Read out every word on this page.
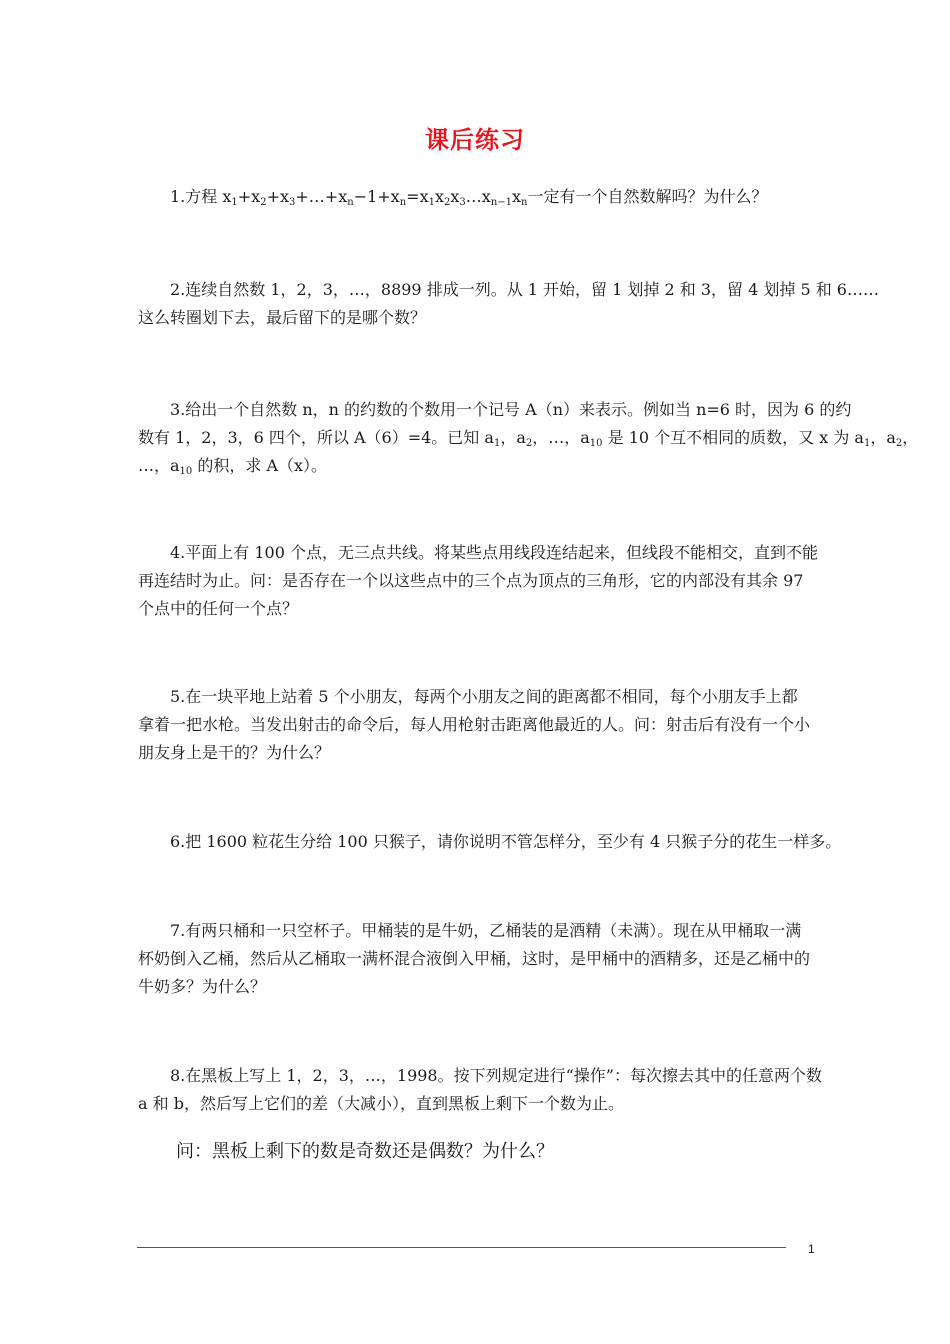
课后练习
1.方程 $x_1+x_2+x_3+\dots+x_n-1+x_n=x_1x_2x_3\dots x_{n-1}x_n$一定有一个自然数解吗？为什么？
2.连续自然数 1，2，3，…，8899 排成一列。从 1 开始，留 1 划掉 2 和 3，留 4 划掉 5 和 6……
这么转圈划下去，最后留下的是哪个数？
3.给出一个自然数 n，n 的约数的个数用一个记号 A（n）来表示。例如当 n=6 时，因为 6 的约
数有 1，2，3，6 四个，所以 A（6）=4。已知 $a_1$，$a_2$，…，$a_{10}$ 是 10 个互不相同的质数，又 x 为 $a_1$，$a_2$，
…，$a_{10}$ 的积，求 A（x）。
4.平面上有 100 个点，无三点共线。将某些点用线段连结起来，但线段不能相交，直到不能
再连结时为止。问：是否存在一个以这些点中的三个点为顶点的三角形，它的内部没有其余 97
个点中的任何一个点？
5.在一块平地上站着 5 个小朋友，每两个小朋友之间的距离都不相同，每个小朋友手上都
拿着一把水枪。当发出射击的命令后，每人用枪射击距离他最近的人。问：射击后有没有一个小
朋友身上是干的？为什么？
6.把 1600 粒花生分给 100 只猴子，请你说明不管怎样分，至少有 4 只猴子分的花生一样多。
7.有两只桶和一只空杯子。甲桶装的是牛奶，乙桶装的是酒精（未满）。现在从甲桶取一满
杯奶倒入乙桶，然后从乙桶取一满杯混合液倒入甲桶，这时，是甲桶中的酒精多，还是乙桶中的
牛奶多？为什么？
8.在黑板上写上 1，2，3，…，1998。按下列规定进行“操作”：每次擦去其中的任意两个数
a 和 b，然后写上它们的差（大减小），直到黑板上剩下一个数为止。
问：黑板上剩下的数是奇数还是偶数？为什么？
1
